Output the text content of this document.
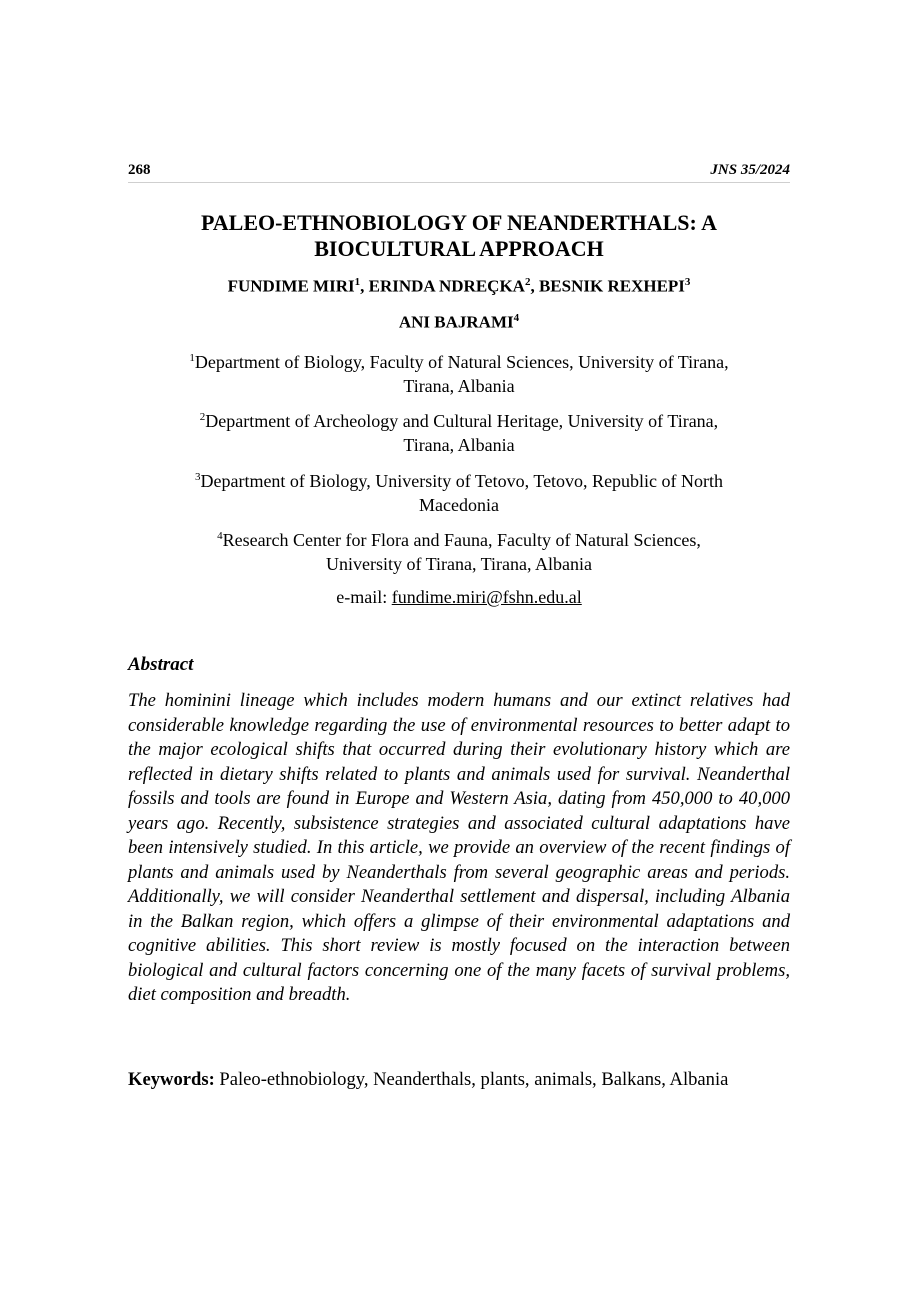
268	JNS 35/2024
PALEO-ETHNOBIOLOGY OF NEANDERTHALS: A
BIOCULTURAL APPROACH
FUNDIME MIRI$^1$, ERINDA NDREÇKA$^2$, BESNIK REXHEPI$^3$
ANI BAJRAMI$^4$
$^1$Department of Biology, Faculty of Natural Sciences, University of Tirana,
Tirana, Albania
$^2$Department of Archeology and Cultural Heritage, University of Tirana,
Tirana, Albania
$^3$Department of Biology, University of Tetovo, Tetovo, Republic of North
Macedonia
$^4$Research Center for Flora and Fauna, Faculty of Natural Sciences,
University of Tirana, Tirana, Albania
e-mail: fundime.miri@fshn.edu.al
Abstract
The hominini lineage which includes modern humans and our extinct relatives had considerable knowledge regarding the use of environmental resources to better adapt to the major ecological shifts that occurred during their evolutionary history which are reflected in dietary shifts related to plants and animals used for survival. Neanderthal fossils and tools are found in Europe and Western Asia, dating from 450,000 to 40,000 years ago. Recently, subsistence strategies and associated cultural adaptations have been intensively studied. In this article, we provide an overview of the recent findings of plants and animals used by Neanderthals from several geographic areas and periods. Additionally, we will consider Neanderthal settlement and dispersal, including Albania in the Balkan region, which offers a glimpse of their environmental adaptations and cognitive abilities. This short review is mostly focused on the interaction between biological and cultural factors concerning one of the many facets of survival problems, diet composition and breadth.
Keywords: Paleo-ethnobiology, Neanderthals, plants, animals, Balkans, Albania
